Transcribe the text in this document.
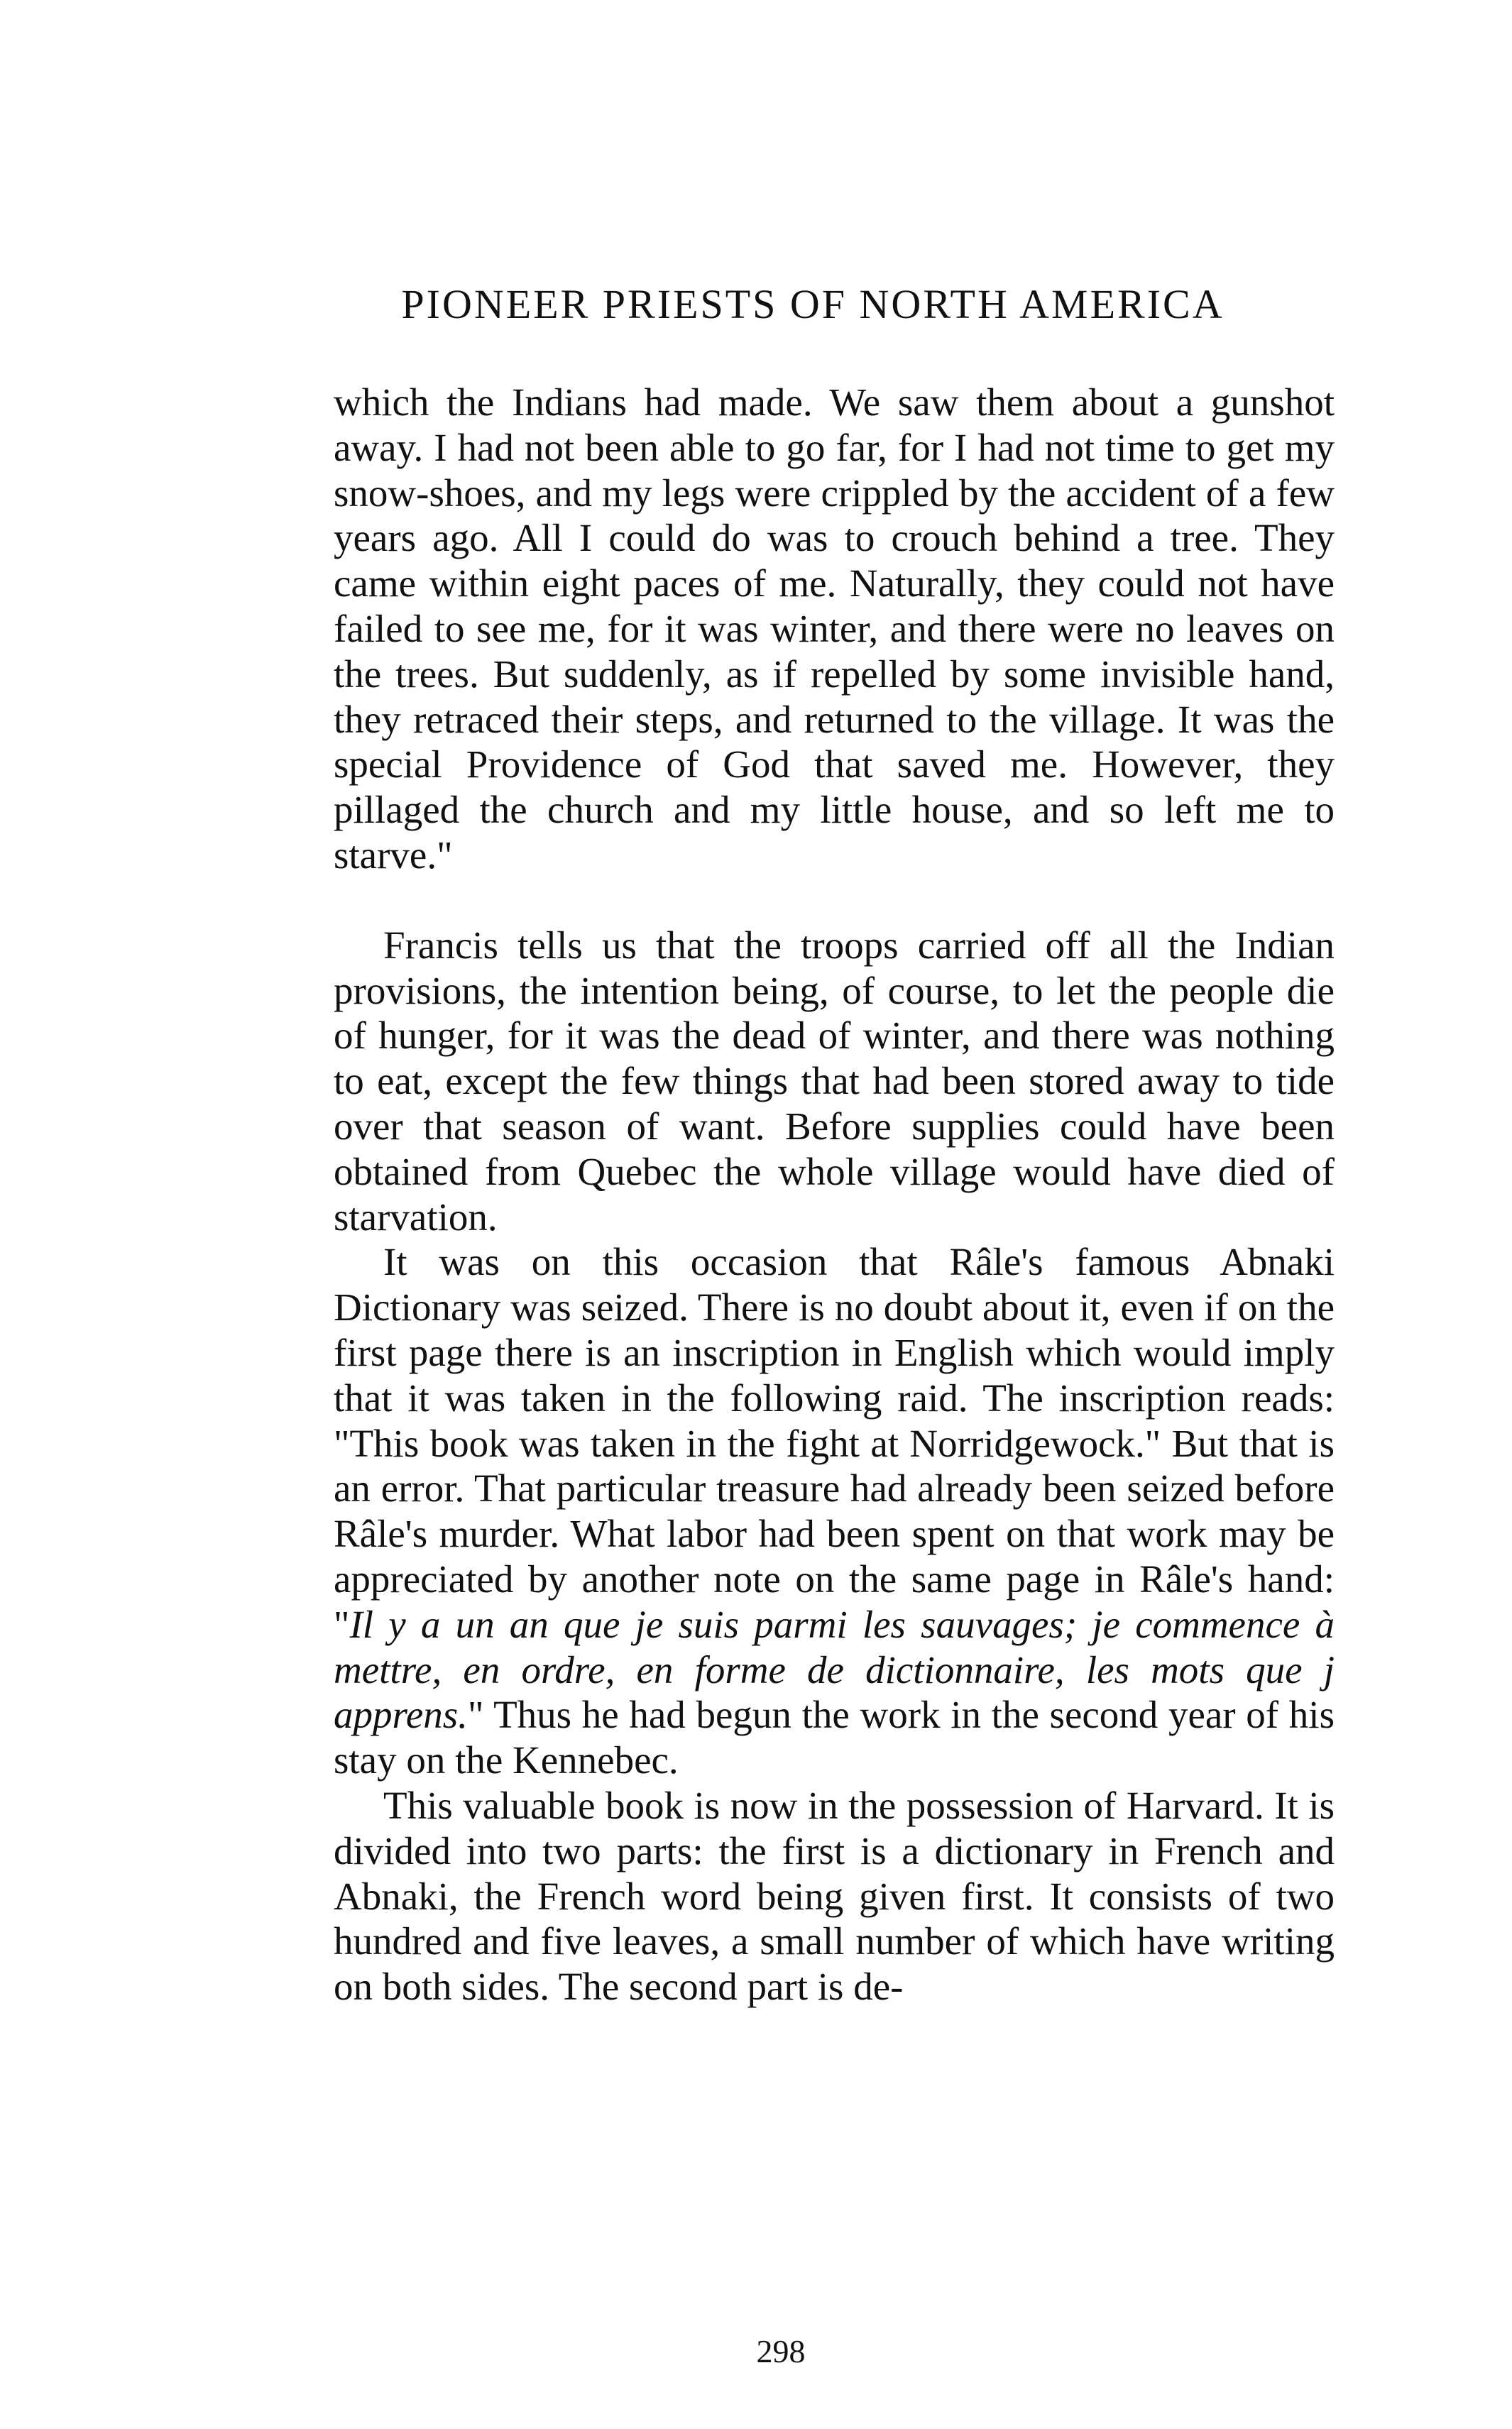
PIONEER PRIESTS OF NORTH AMERICA

which the Indians had made. We saw them about a gunshot away. I had not been able to go far, for I had not time to get my snow-shoes, and my legs were crippled by the accident of a few years ago. All I could do was to crouch behind a tree. They came within eight paces of me. Naturally, they could not have failed to see me, for it was winter, and there were no leaves on the trees. But suddenly, as if repelled by some invisible hand, they retraced their steps, and returned to the village. It was the special Providence of God that saved me. However, they pillaged the church and my little house, and so left me to starve."

Francis tells us that the troops carried off all the Indian provisions, the intention being, of course, to let the people die of hunger, for it was the dead of winter, and there was nothing to eat, except the few things that had been stored away to tide over that season of want. Before supplies could have been obtained from Quebec the whole village would have died of starvation.

It was on this occasion that Râle's famous Abnaki Dictionary was seized. There is no doubt about it, even if on the first page there is an inscription in English which would imply that it was taken in the following raid. The inscription reads: "This book was taken in the fight at Norridgewock." But that is an error. That particular treasure had already been seized before Râle's murder. What labor had been spent on that work may be appreciated by another note on the same page in Râle's hand: "Il y a un an que je suis parmi les sauvages; je commence à mettre, en ordre, en forme de dictionnaire, les mots que j apprens." Thus he had begun the work in the second year of his stay on the Kennebec.

This valuable book is now in the possession of Harvard. It is divided into two parts: the first is a dictionary in French and Abnaki, the French word being given first. It consists of two hundred and five leaves, a small number of which have writing on both sides. The second part is de-

298
